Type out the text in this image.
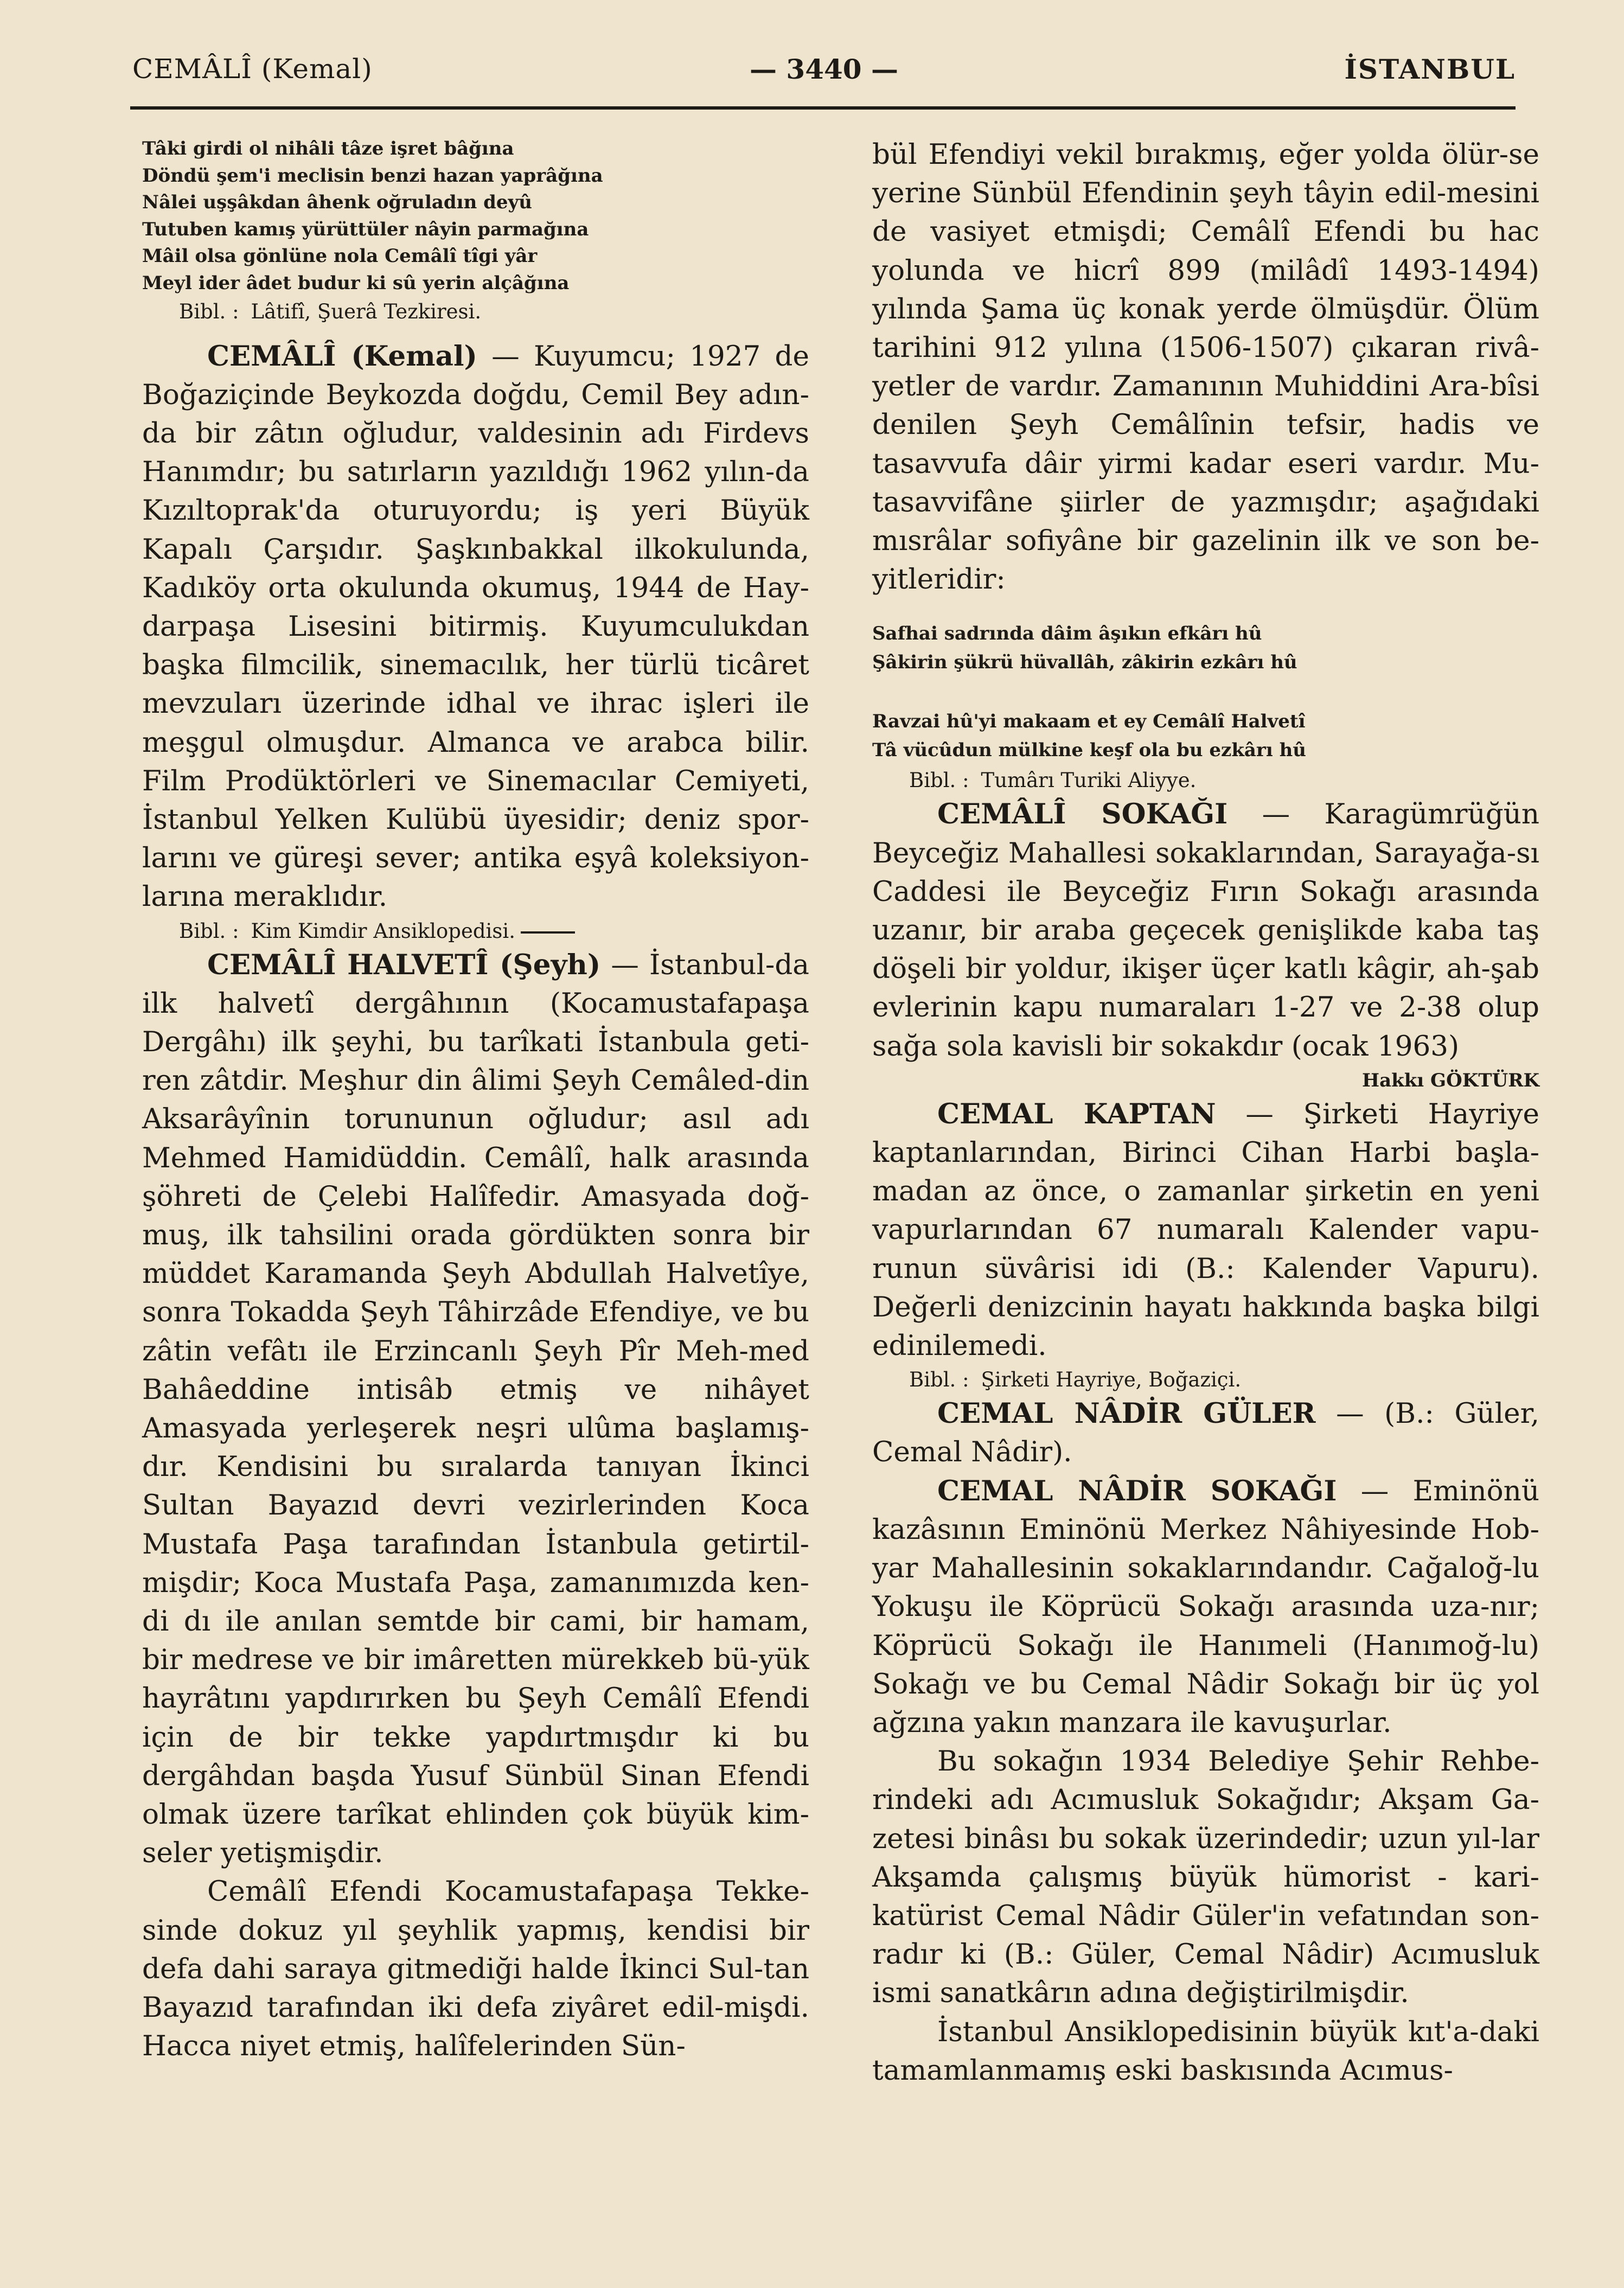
CEMÂLÎ (Kemal)	— 3440 —	İSTANBUL
Tâki girdi ol nihâli tâze işret bâğına
Döndü şem'i meclisin benzi hazan yaprâğına
Nâlei uşşâkdan âhenk oğruladın deyû
Tutuben kamış yürüttüler nâyin parmağına
Mâil olsa gönlüne nola Cemâlî tîgi yâr
Meyl ider âdet budur ki sû yerin alçâğına
Bibl. : Lâtifî, Şuerâ Tezkiresi.
CEMÂLÎ (Kemal) — Kuyumcu; 1927 de Boğaziçinde Beykozda doğdu, Cemil Bey adın-da bir zâtın oğludur, valdesinin adı Firdevs Hanımdır; bu satırların yazıldığı 1962 yılın-da Kızıltoprak'da oturuyordu; iş yeri Büyük Kapalı Çarşıdır. Şaşkınbakkal ilkokulunda, Kadıköy orta okulunda okumuş, 1944 de Hay-darpaşa Lisesini bitirmiş. Kuyumculukdan başka filmcilik, sinemacılık, her türlü ticâret mevzuları üzerinde idhal ve ihrac işleri ile meşgul olmuşdur. Almanca ve arabca bilir. Film Prodüktörleri ve Sinemacılar Cemiyeti, İstanbul Yelken Kulübü üyesidir; deniz spor-larını ve güreşi sever; antika eşyâ koleksiyon-larına meraklıdır.
Bibl. : Kim Kimdir Ansiklopedisi.
CEMÂLÎ HALVETÎ (Şeyh) — İstanbul-da ilk halvetî dergâhının (Kocamustafapaşa Dergâhı) ilk şeyhi, bu tarîkati İstanbula geti-ren zâtdir. Meşhur din âlimi Şeyh Cemâled-din Aksarâyînin torununun oğludur; asıl adı Mehmed Hamidüddin. Cemâlî, halk arasında şöhreti de Çelebi Halîfedir. Amasyada doğ-muş, ilk tahsilini orada gördükten sonra bir müddet Karamanda Şeyh Abdullah Halvetîye, sonra Tokadda Şeyh Tâhirzâde Efendiye, ve bu zâtin vefâtı ile Erzincanlı Şeyh Pîr Meh-med Bahâeddine intisâb etmiş ve nihâyet Amasyada yerleşerek neşri ulûma başlamış-dır. Kendisini bu sıralarda tanıyan İkinci Sultan Bayazıd devri vezirlerinden Koca Mustafa Paşa tarafından İstanbula getirtil-mişdir; Koca Mustafa Paşa, zamanımızda ken-di dı ile anılan semtde bir cami, bir hamam, bir medrese ve bir imâretten mürekkeb bü-yük hayrâtını yapdırırken bu Şeyh Cemâlî Efendi için de bir tekke yapdırtmışdır ki bu dergâhdan başda Yusuf Sünbül Sinan Efendi olmak üzere tarîkat ehlinden çok büyük kim-seler yetişmişdir.
Cemâlî Efendi Kocamustafapaşa Tekke-sinde dokuz yıl şeyhlik yapmış, kendisi bir defa dahi saraya gitmediği halde İkinci Sul-tan Bayazıd tarafından iki defa ziyâret edil-mişdi. Hacca niyet etmiş, halîfelerinden Sün-
bül Efendiyi vekil bırakmış, eğer yolda ölür-se yerine Sünbül Efendinin şeyh tâyin edil-mesini de vasiyet etmişdi; Cemâlî Efendi bu hac yolunda ve hicrî 899 (milâdî 1493-1494) yılında Şama üç konak yerde ölmüşdür. Ölüm tarihini 912 yılına (1506-1507) çıkaran rivâ-yetler de vardır. Zamanının Muhiddini Ara-bîsi denilen Şeyh Cemâlînin tefsir, hadis ve tasavvufa dâir yirmi kadar eseri vardır. Mu-tasavvifâne şiirler de yazmışdır; aşağıdaki mısrâlar sofiyâne bir gazelinin ilk ve son be-yitleridir:
Safhai sadrında dâim âşıkın efkârı hû
Şâkirin şükrü hüvallâh, zâkirin ezkârı hû
Ravzai hû'yi makaam et ey Cemâlî Halvetî
Tâ vücûdun mülkine keşf ola bu ezkârı hû
Bibl. : Tumârı Turiki Aliyye.
CEMÂLÎ SOKAĞI — Karagümrüğün Beyceğiz Mahallesi sokaklarından, Sarayağa-sı Caddesi ile Beyceğiz Fırın Sokağı arasında uzanır, bir araba geçecek genişlikde kaba taş döşeli bir yoldur, ikişer üçer katlı kâgir, ah-şab evlerinin kapu numaraları 1-27 ve 2-38 olup sağa sola kavisli bir sokakdır (ocak 1963)
Hakkı GÖKTÜRK
CEMAL KAPTAN — Şirketi Hayriye kaptanlarından, Birinci Cihan Harbi başla-madan az önce, o zamanlar şirketin en yeni vapurlarından 67 numaralı Kalender vapu-runun süvârisi idi (B.: Kalender Vapuru). Değerli denizcinin hayatı hakkında başka bilgi edinilemedi.
Bibl. : Şirketi Hayriye, Boğaziçi.
CEMAL NÂDİR GÜLER — (B.: Güler, Cemal Nâdir).
CEMAL NÂDİR SOKAĞI — Eminönü kazâsının Eminönü Merkez Nâhiyesinde Hob-yar Mahallesinin sokaklarındandır. Cağaloğ-lu Yokuşu ile Köprücü Sokağı arasında uza-nır; Köprücü Sokağı ile Hanımeli (Hanımoğ-lu) Sokağı ve bu Cemal Nâdir Sokağı bir üç yol ağzına yakın manzara ile kavuşurlar.
Bu sokağın 1934 Belediye Şehir Rehbe-rindeki adı Acımusluk Sokağıdır; Akşam Ga-zetesi binâsı bu sokak üzerindedir; uzun yıl-lar Akşamda çalışmış büyük hümorist - kari-katürist Cemal Nâdir Güler'in vefatından son-radır ki (B.: Güler, Cemal Nâdir) Acımusluk ismi sanatkârın adına değiştirilmişdir.
İstanbul Ansiklopedisinin büyük kıt'a-daki tamamlanmamış eski baskısında Acımus-
